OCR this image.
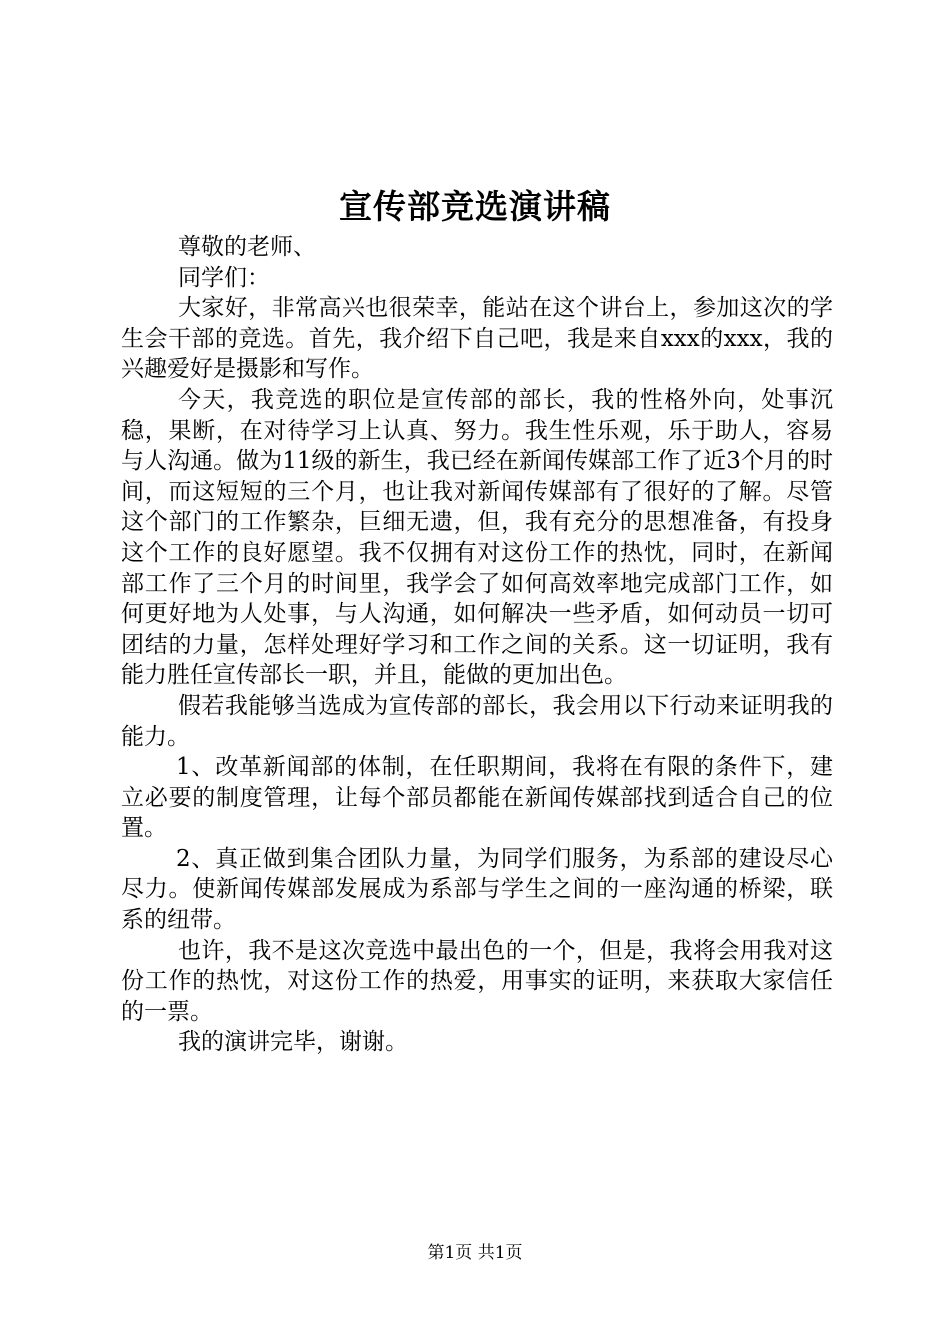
宣传部竞选演讲稿

尊敬的老师、

同学们：

大家好，非常高兴也很荣幸，能站在这个讲台上，参加这次的学生会干部的竞选。首先，我介绍下自己吧，我是来自xxx的xxx，我的兴趣爱好是摄影和写作。

今天，我竞选的职位是宣传部的部长，我的性格外向，处事沉稳，果断，在对待学习上认真、努力。我生性乐观，乐于助人，容易与人沟通。做为11级的新生，我已经在新闻传媒部工作了近3个月的时间，而这短短的三个月，也让我对新闻传媒部有了很好的了解。尽管这个部门的工作繁杂，巨细无遗，但，我有充分的思想准备，有投身这个工作的良好愿望。我不仅拥有对这份工作的热忱，同时，在新闻部工作了三个月的时间里，我学会了如何高效率地完成部门工作，如何更好地为人处事，与人沟通，如何解决一些矛盾，如何动员一切可团结的力量，怎样处理好学习和工作之间的关系。这一切证明，我有能力胜任宣传部长一职，并且，能做的更加出色。

假若我能够当选成为宣传部的部长，我会用以下行动来证明我的能力。

1、改革新闻部的体制，在任职期间，我将在有限的条件下，建立必要的制度管理，让每个部员都能在新闻传媒部找到适合自己的位置。

2、真正做到集合团队力量，为同学们服务，为系部的建设尽心尽力。使新闻传媒部发展成为系部与学生之间的一座沟通的桥梁，联系的纽带。

也许，我不是这次竞选中最出色的一个，但是，我将会用我对这份工作的热忱，对这份工作的热爱，用事实的证明，来获取大家信任的一票。

我的演讲完毕，谢谢。

第1页 共1页
